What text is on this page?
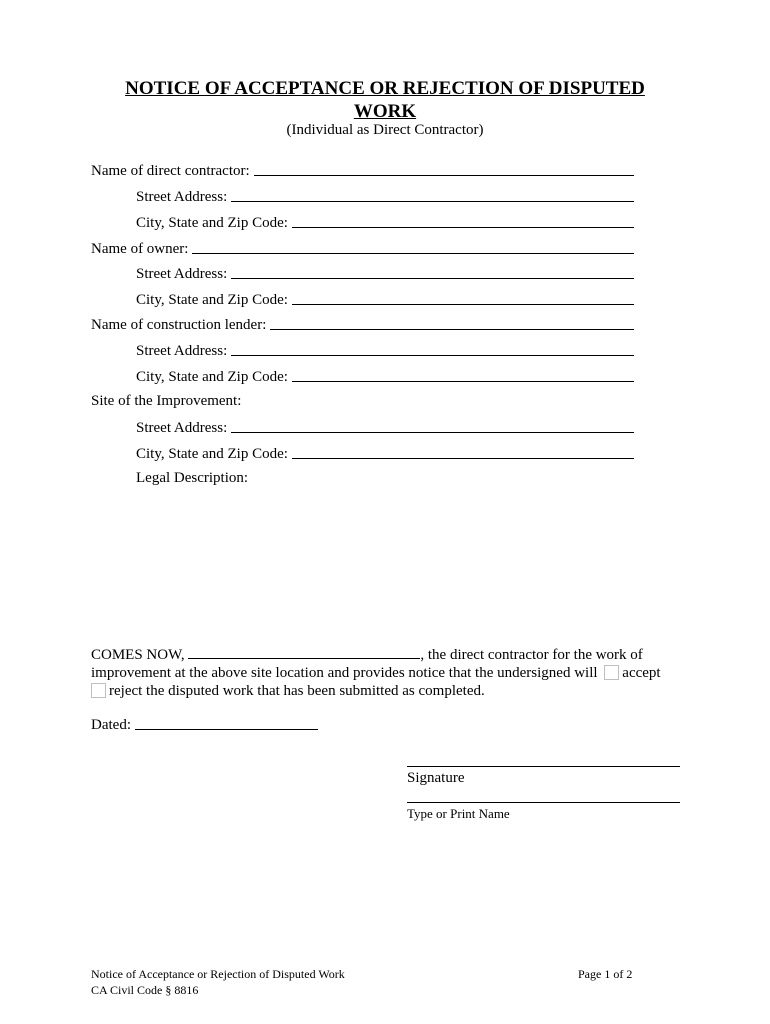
NOTICE OF ACCEPTANCE OR REJECTION OF DISPUTED
WORK
(Individual as Direct Contractor)
Name of direct contractor:
Street Address:
City, State and Zip Code:
Name of owner:
Street Address:
City, State and Zip Code:
Name of construction lender:
Street Address:
City, State and Zip Code:
Site of the Improvement:
Street Address:
City, State and Zip Code:
Legal Description:
COMES NOW,	, the direct contractor for the work of improvement at the above site location and provides notice that the undersigned will accept reject the disputed work that has been submitted as completed.
Dated:
Signature
Type or Print Name
Notice of Acceptance or Rejection of Disputed Work
CA Civil Code § 8816
Page 1 of 2
